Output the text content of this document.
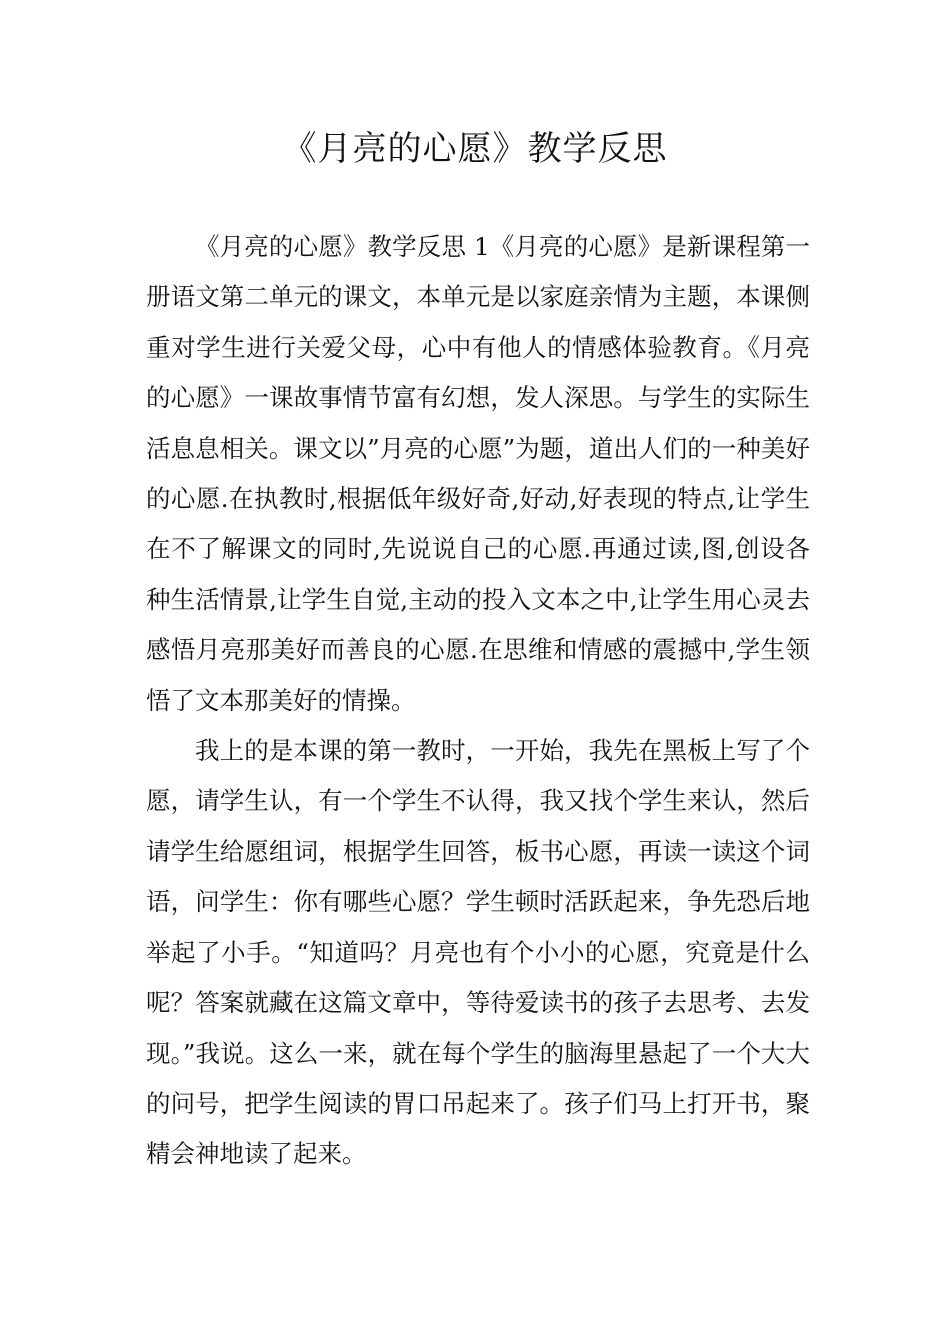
《月亮的心愿》教学反思

《月亮的心愿》教学反思 1《月亮的心愿》是新课程第一册语文第二单元的课文，本单元是以家庭亲情为主题，本课侧重对学生进行关爱父母，心中有他人的情感体验教育。《月亮的心愿》一课故事情节富有幻想，发人深思。与学生的实际生活息息相关。课文以”月亮的心愿”为题，道出人们的一种美好的心愿.在执教时,根据低年级好奇,好动,好表现的特点,让学生在不了解课文的同时,先说说自己的心愿.再通过读,图,创设各种生活情景,让学生自觉,主动的投入文本之中,让学生用心灵去感悟月亮那美好而善良的心愿.在思维和情感的震撼中,学生领悟了文本那美好的情操。

我上的是本课的第一教时，一开始，我先在黑板上写了个愿，请学生认，有一个学生不认得，我又找个学生来认，然后请学生给愿组词，根据学生回答，板书心愿，再读一读这个词语，问学生：你有哪些心愿？学生顿时活跃起来，争先恐后地举起了小手。“知道吗？月亮也有个小小的心愿，究竟是什么呢？答案就藏在这篇文章中，等待爱读书的孩子去思考、去发现。”我说。这么一来，就在每个学生的脑海里悬起了一个大大的问号，把学生阅读的胃口吊起来了。孩子们马上打开书，聚精会神地读了起来。
